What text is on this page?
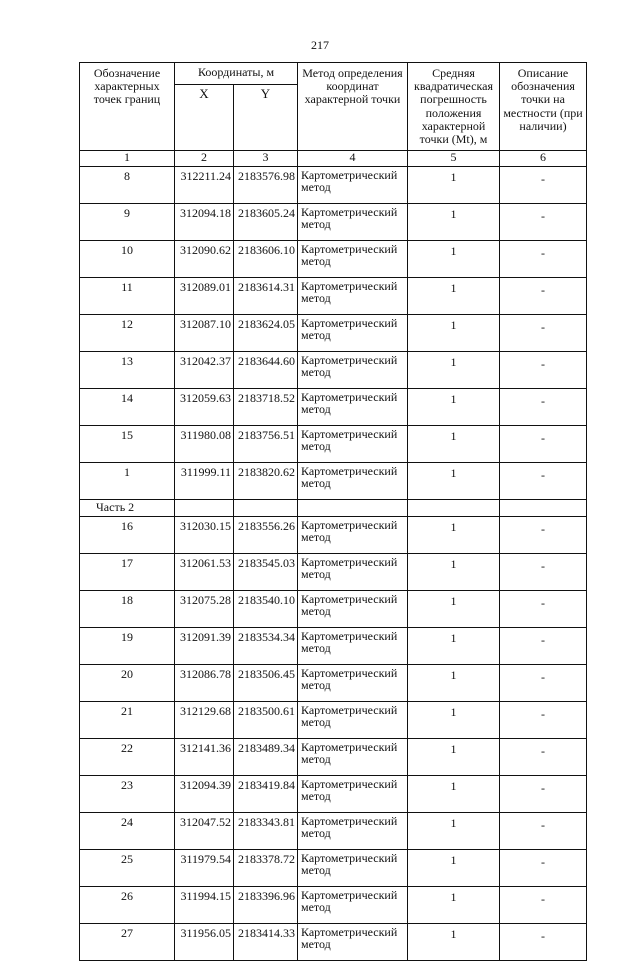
217
Обозначение характерных точек границ	Координаты, м		Метод определения координат характерной точки	Средняя квадратическая погрешность положения характерной точки (Mt), м	Описание обозначения точки на местности (при наличии)

	X	Y			
1	2	3	4	5	6
8	312211.24	2183576.98	Картометрический метод	1	-
9	312094.18	2183605.24	Картометрический метод	1	-
10	312090.62	2183606.10	Картометрический метод	1	-
11	312089.01	2183614.31	Картометрический метод	1	-
12	312087.10	2183624.05	Картометрический метод	1	-
13	312042.37	2183644.60	Картометрический метод	1	-
14	312059.63	2183718.52	Картометрический метод	1	-
15	311980.08	2183756.51	Картометрический метод	1	-
1	311999.11	2183820.62	Картометрический метод	1	-
Часть 2					
16	312030.15	2183556.26	Картометрический метод	1	-
17	312061.53	2183545.03	Картометрический метод	1	-
18	312075.28	2183540.10	Картометрический метод	1	-
19	312091.39	2183534.34	Картометрический метод	1	-
20	312086.78	2183506.45	Картометрический метод	1	-
21	312129.68	2183500.61	Картометрический метод	1	-
22	312141.36	2183489.34	Картометрический метод	1	-
23	312094.39	2183419.84	Картометрический метод	1	-
24	312047.52	2183343.81	Картометрический метод	1	-
25	311979.54	2183378.72	Картометрический метод	1	-
26	311994.15	2183396.96	Картометрический метод	1	-
27	311956.05	2183414.33	Картометрический метод	1	-
